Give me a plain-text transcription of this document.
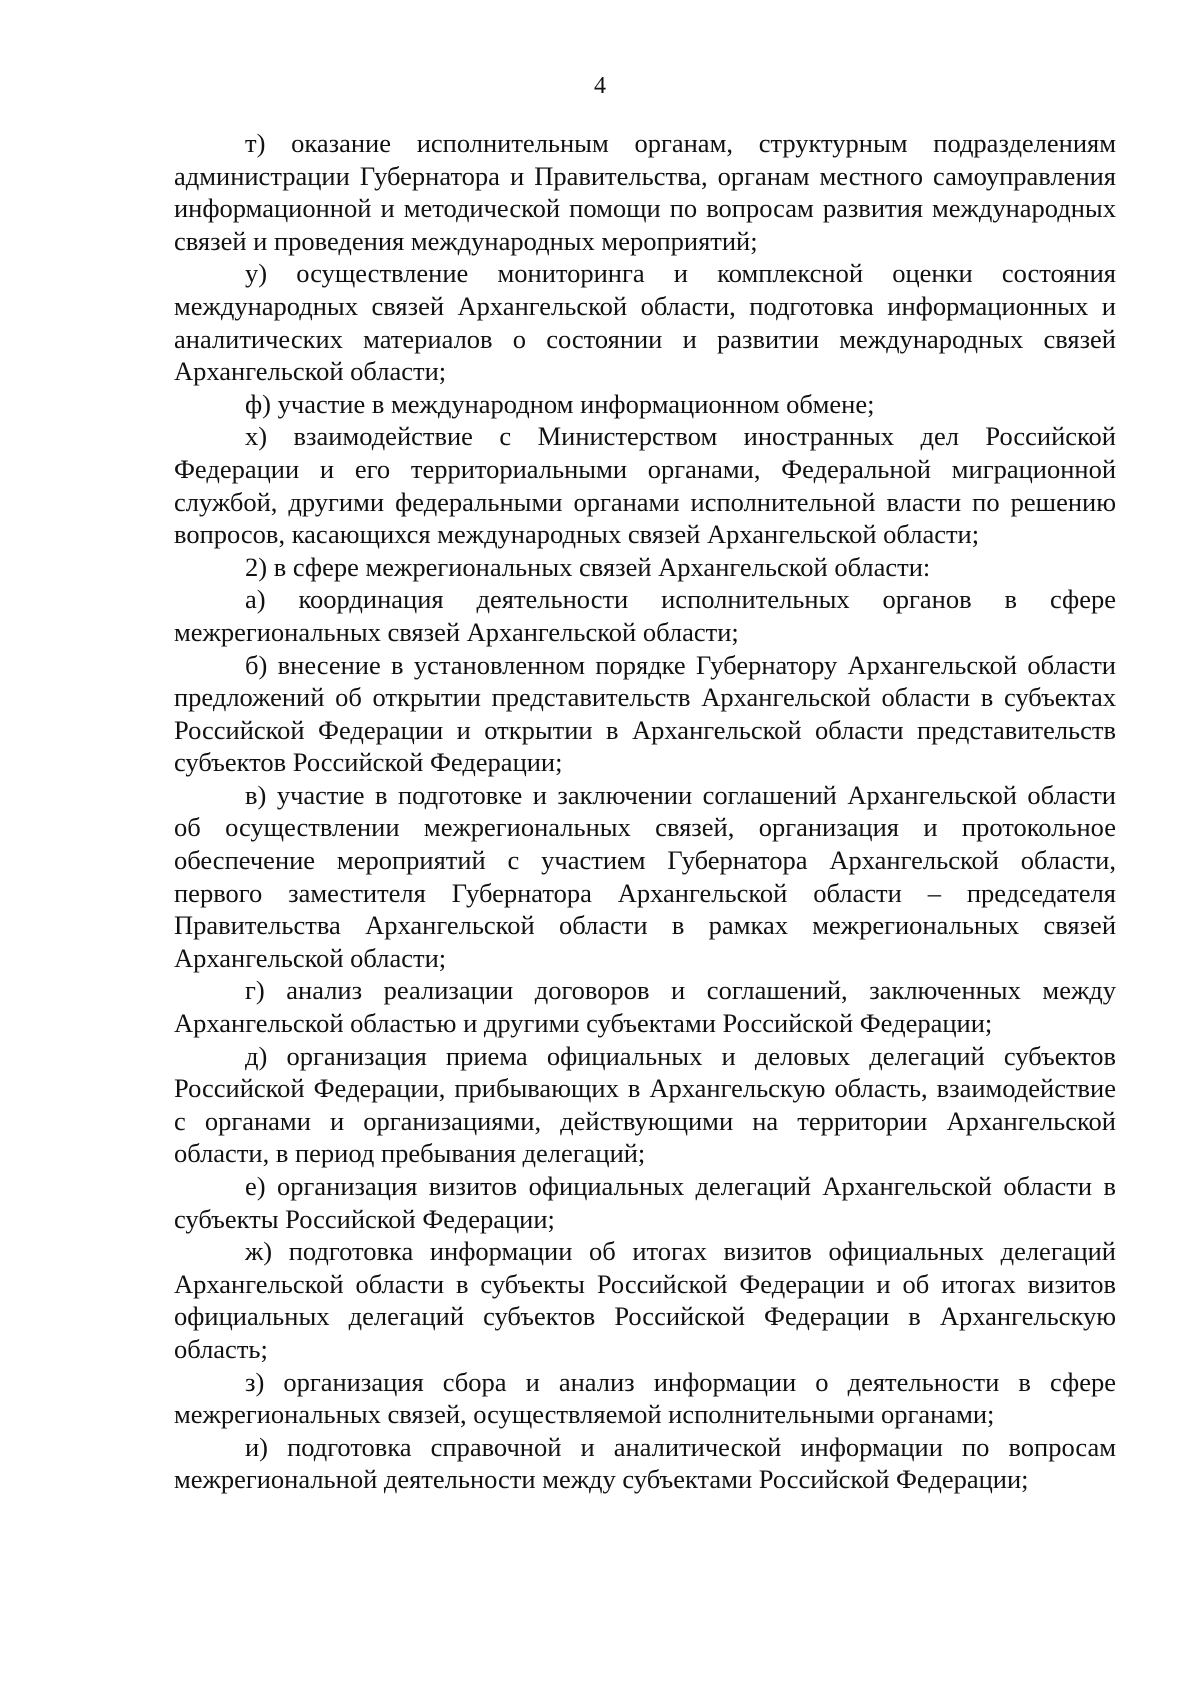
4

т) оказание исполнительным органам, структурным подразделениям администрации Губернатора и Правительства, органам местного самоуправления информационной и методической помощи по вопросам развития международных связей и проведения международных мероприятий;

у) осуществление мониторинга и комплексной оценки состояния международных связей Архангельской области, подготовка информационных и аналитических материалов о состоянии и развитии международных связей Архангельской области;

ф) участие в международном информационном обмене;

х) взаимодействие с Министерством иностранных дел Российской Федерации и его территориальными органами, Федеральной миграционной службой, другими федеральными органами исполнительной власти по решению вопросов, касающихся международных связей Архангельской области;

2) в сфере межрегиональных связей Архангельской области:

а) координация деятельности исполнительных органов в сфере межрегиональных связей Архангельской области;

б) внесение в установленном порядке Губернатору Архангельской области предложений об открытии представительств Архангельской области в субъектах Российской Федерации и открытии в Архангельской области представительств субъектов Российской Федерации;

в) участие в подготовке и заключении соглашений Архангельской области об осуществлении межрегиональных связей, организация и протокольное обеспечение мероприятий с участием Губернатора Архангельской области, первого заместителя Губернатора Архангельской области – председателя Правительства Архангельской области в рамках межрегиональных связей Архангельской области;

г) анализ реализации договоров и соглашений, заключенных между Архангельской областью и другими субъектами Российской Федерации;

д) организация приема официальных и деловых делегаций субъектов Российской Федерации, прибывающих в Архангельскую область, взаимодействие с органами и организациями, действующими на территории Архангельской области, в период пребывания делегаций;

е) организация визитов официальных делегаций Архангельской области в субъекты Российской Федерации;

ж) подготовка информации об итогах визитов официальных делегаций Архангельской области в субъекты Российской Федерации и об итогах визитов официальных делегаций субъектов Российской Федерации в Архангельскую область;

з) организация сбора и анализ информации о деятельности в сфере межрегиональных связей, осуществляемой исполнительными органами;

и) подготовка справочной и аналитической информации по вопросам межрегиональной деятельности между субъектами Российской Федерации;
